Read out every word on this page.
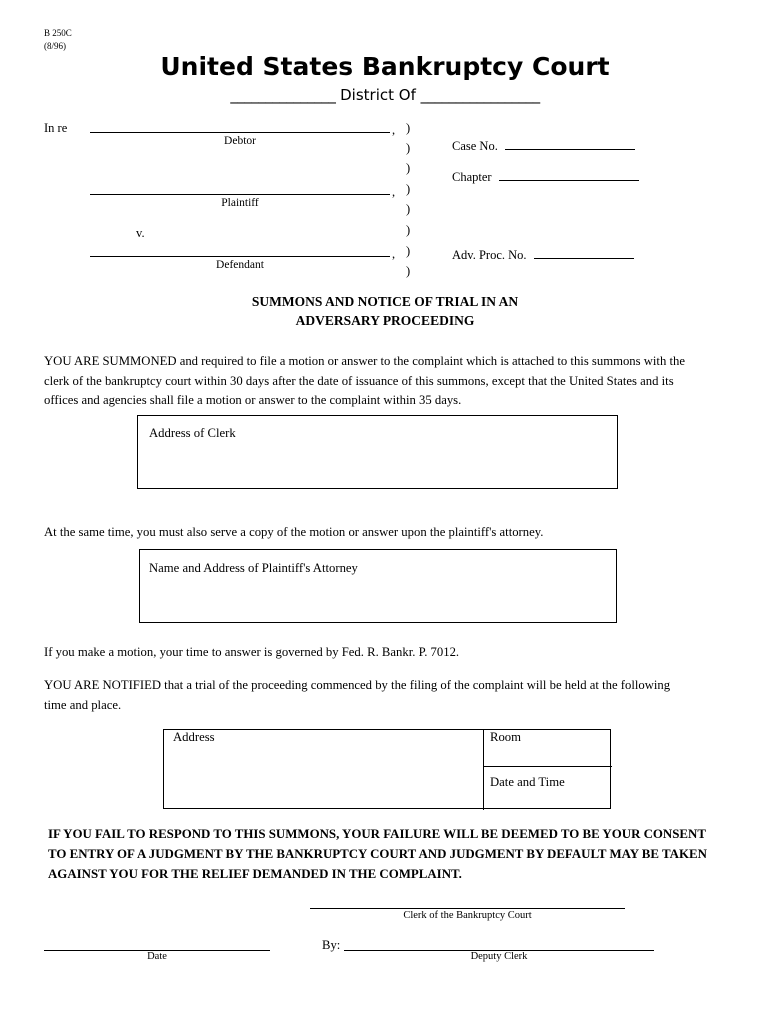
B 250C
(8/96)
United States Bankruptcy Court
_______________ District Of _________________
In re
v.
,
Debtor
,
Plaintiff
,
Defendant
)
)
)
)
)
)
)
)
Case No.
Chapter
Adv. Proc. No.
SUMMONS AND NOTICE OF TRIAL IN AN
ADVERSARY PROCEEDING
YOU ARE SUMMONED and required to file a motion or answer to the complaint which is attached to this summons with the clerk of the bankruptcy court within 30 days after the date of issuance of this summons, except that the United States and its offices and agencies shall file a motion or answer to the complaint within 35 days.
Address of Clerk
At the same time, you must also serve a copy of the motion or answer upon the plaintiff's attorney.
Name and Address of Plaintiff's Attorney
If you make a motion, your time to answer is governed by Fed. R. Bankr. P. 7012.
YOU ARE NOTIFIED that a trial of the proceeding commenced by the filing of the complaint will be held at the following time and place.
Address	Room
Date and Time
IF YOU FAIL TO RESPOND TO THIS SUMMONS, YOUR FAILURE WILL BE DEEMED TO BE YOUR CONSENT TO ENTRY OF A JUDGMENT BY THE BANKRUPTCY COURT AND JUDGMENT BY DEFAULT MAY BE TAKEN AGAINST YOU FOR THE RELIEF DEMANDED IN THE COMPLAINT.
Clerk of the Bankruptcy Court
By:
Deputy Clerk
Date
